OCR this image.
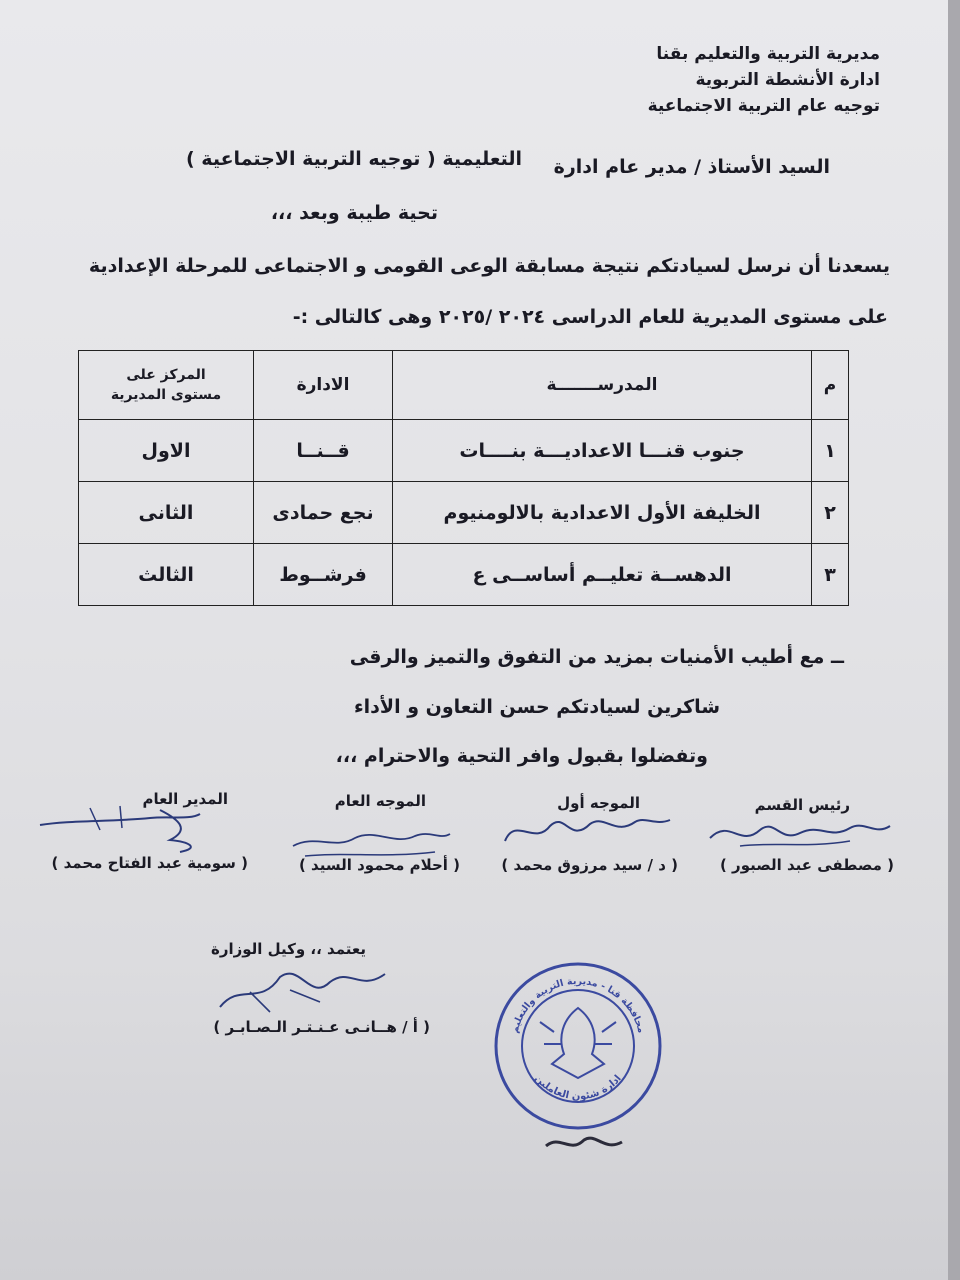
مديرية التربية والتعليم بقنا
ادارة الأنشطة التربوية
توجيه عام التربية الاجتماعية
السيد الأستاذ / مدير عام ادارة
التعليمية ( توجيه التربية الاجتماعية )
تحية طيبة وبعد ،،،
يسعدنا أن نرسل لسيادتكم نتيجة مسابقة الوعى القومى و الاجتماعى للمرحلة الإعدادية
على مستوى المديرية للعام الدراسى ٢٠٢٤ /٢٠٢٥ وهى كالتالى :-
م	المدرســـــــة	الادارة	المركز على
مستوى المديرية

١	جنوب قنـــا الاعداديـــة بنــــات	قــنــا	الاول
٢	الخليفة الأول الاعدادية بالالومنيوم	نجع حمادى	الثانى
٣	الدهســة تعليــم أساســى ع	فرشــوط	الثالث
ــ مع أطيب الأمنيات بمزيد من التفوق والتميز والرقى
شاكرين لسيادتكم حسن التعاون و الأداء
وتفضلوا بقبول وافر التحية والاحترام ،،،
رئيس القسم
الموجه أول
الموجه العام
المدير العام
( مصطفى عبد الصبور )
( د / سيد مرزوق محمد )
( أحلام محمود السيد )
( سومية عبد الفتاح محمد )
يعتمد ،، وكيل الوزارة
( أ / هــانـى عـنـتـر الـصـابـر )	محافظة قنا - مديرية التربية والتعليم
ادارة شئون العاملين
